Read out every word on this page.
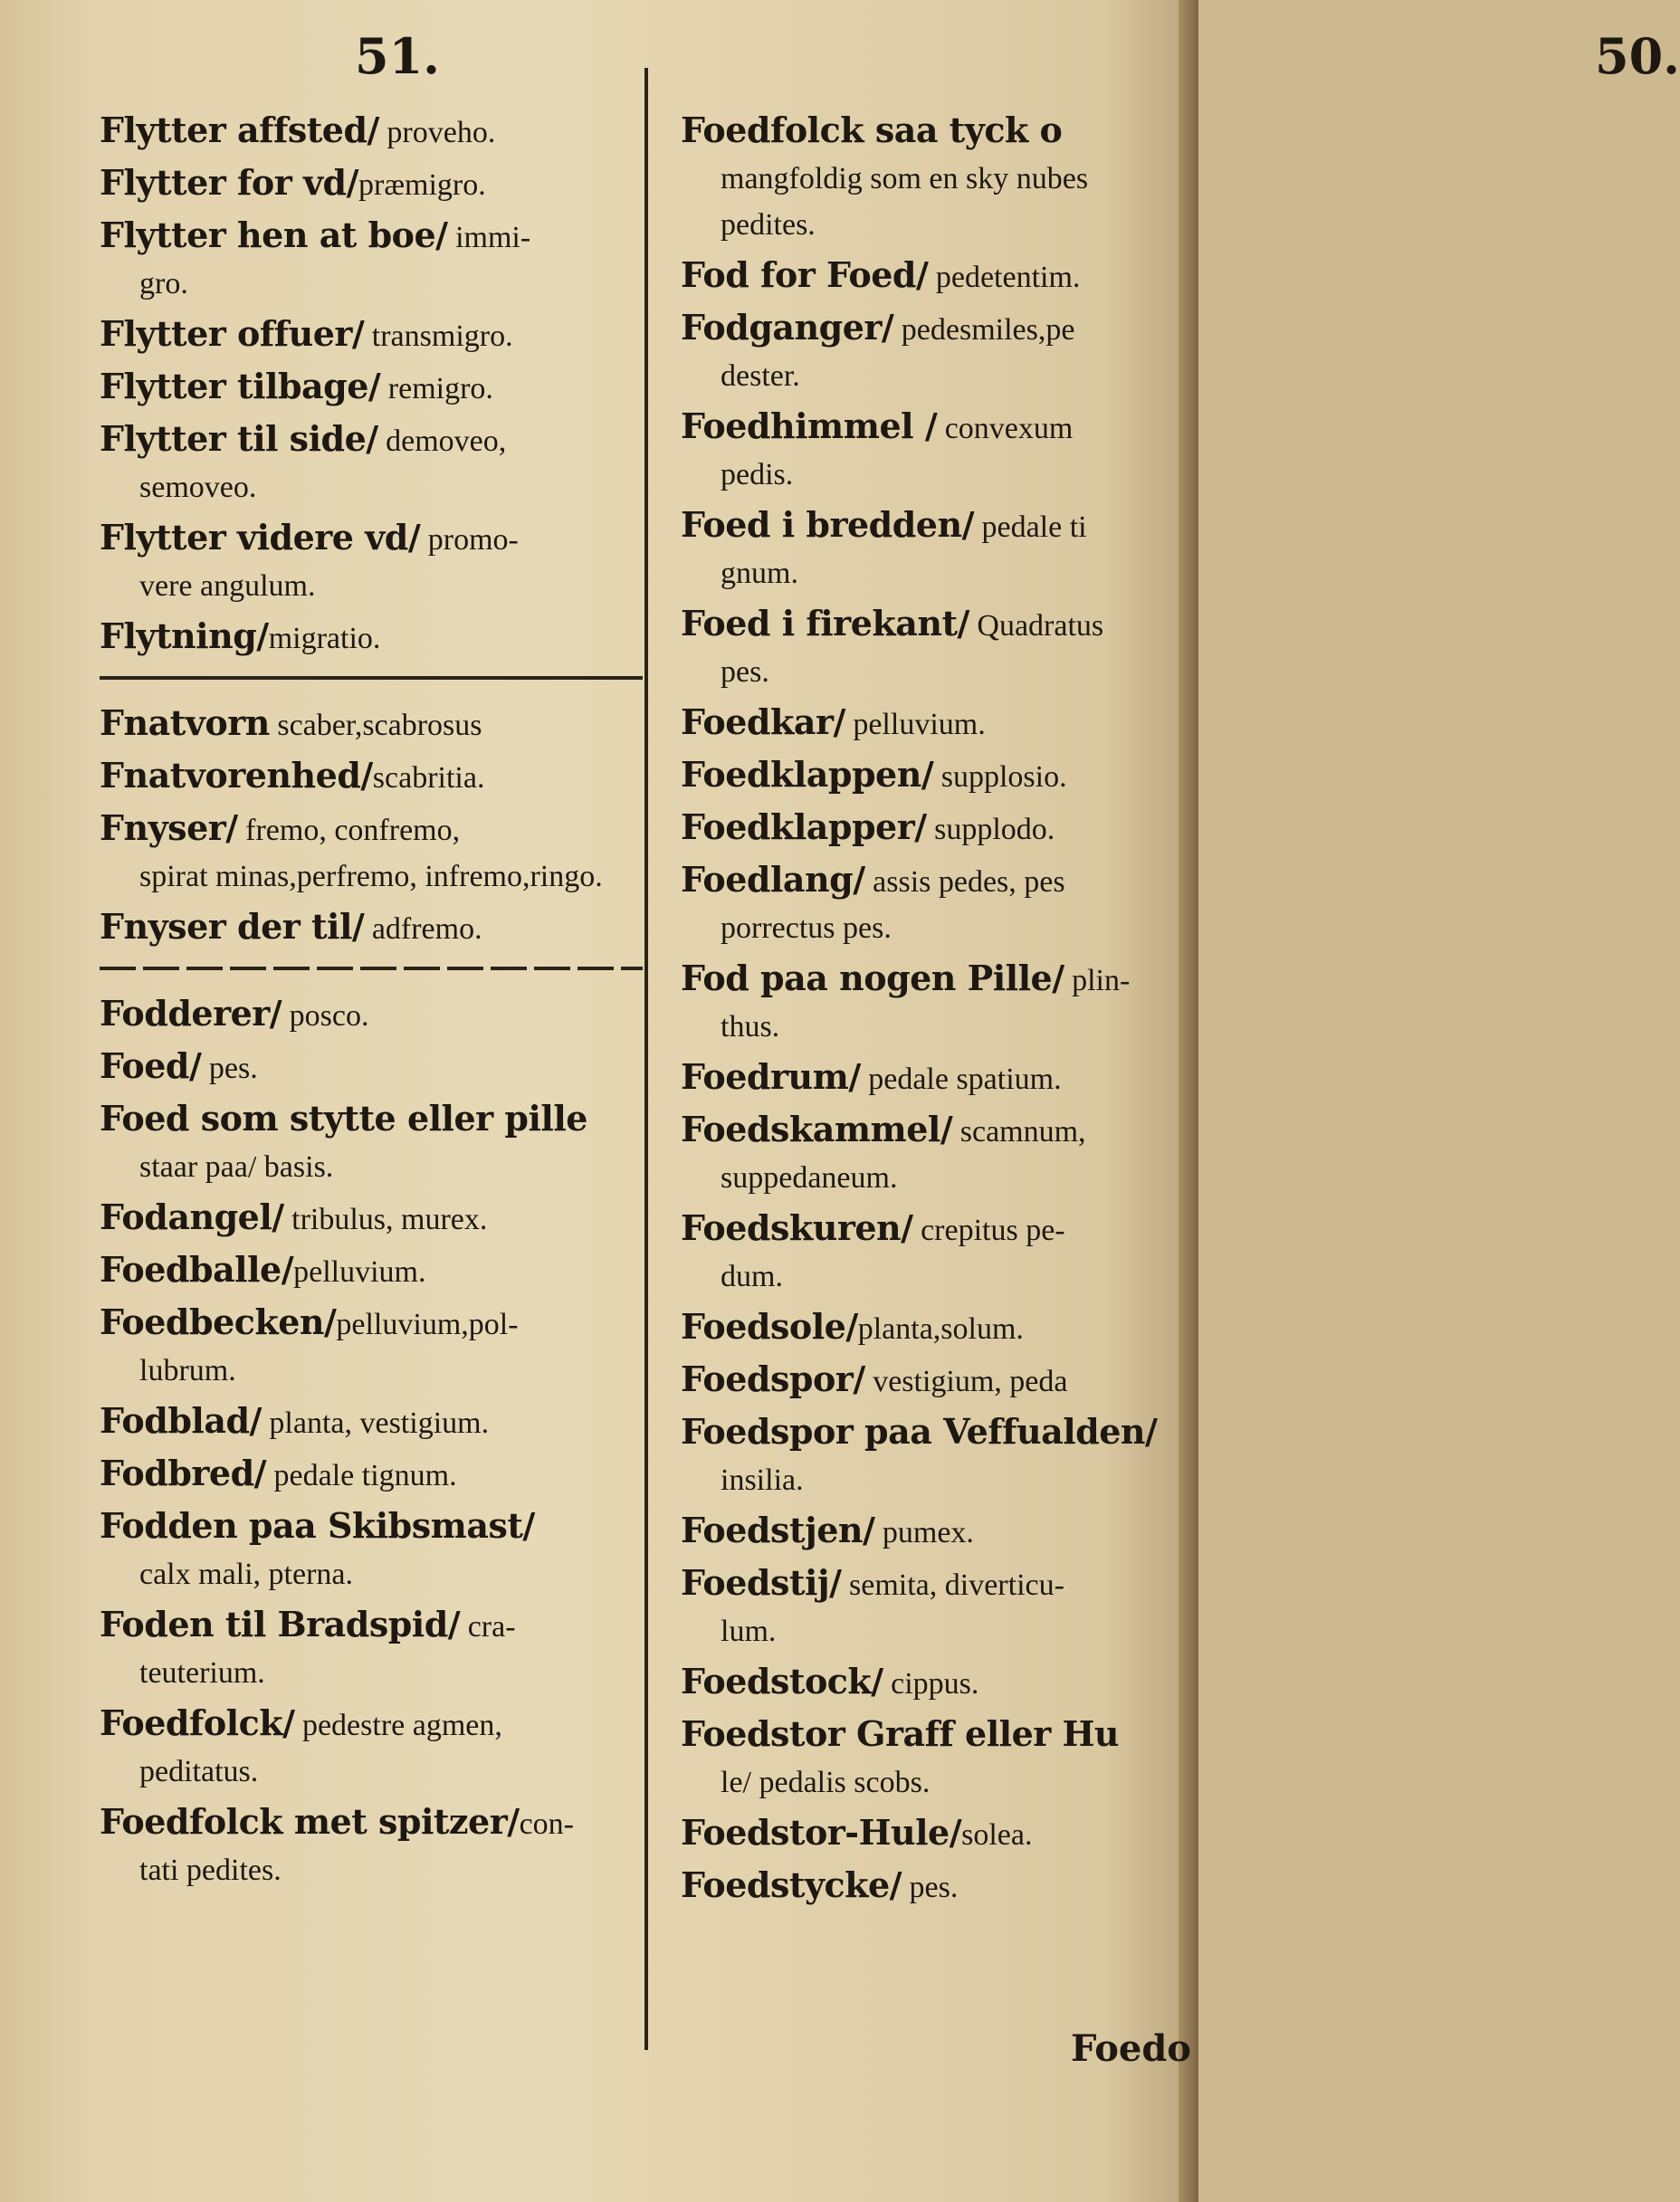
51.
Flytter affsted/ proveho.
Flytter for vd/præmigro.
Flytter hen at boe/ immi-
gro.
Flytter offuer/ transmigro.
Flytter tilbage/ remigro.
Flytter til side/ demoveo,
semoveo.
Flytter videre vd/ promo-
vere angulum.
Flytning/migratio.
Fnatvorn scaber,scabrosus
Fnatvorenhed/scabritia.
Fnyser/ fremo, confremo,
spirat minas,perfremo, infremo,ringo.
Fnyser der til/ adfremo.
Fodderer/ posco.
Foed/ pes.
Foed som stytte eller pille
staar paa/ basis.
Fodangel/ tribulus, murex.
Foedballe/pelluvium.
Foedbecken/pelluvium,pol-
lubrum.
Fodblad/ planta, vestigium.
Fodbred/ pedale tignum.
Fodden paa Skibsmast/
calx mali, pterna.
Foden til Bradspid/ cra-
teuterium.
Foedfolck/ pedestre agmen,
peditatus.
Foedfolck met spitzer/con-
tati pedites.
50.
Foedfolck saa tyck o
mangfoldig som en sky nubes pedites.
Fod for Foed/ pedetentim.
Fodganger/ pedesmiles,pe
dester.
Foedhimmel / convexum
pedis.
Foed i bredden/ pedale ti
gnum.
Foed i firekant/ Quadratus
pes.
Foedkar/ pelluvium.
Foedklappen/ supplosio.
Foedklapper/ supplodo.
Foedlang/ assis pedes, pes
porrectus pes.
Fod paa nogen Pille/ plin-
thus.
Foedrum/ pedale spatium.
Foedskammel/ scamnum,
suppedaneum.
Foedskuren/ crepitus pe-
dum.
Foedsole/planta,solum.
Foedspor/ vestigium, peda
Foedspor paa Veffualden/
insilia.
Foedstjen/ pumex.
Foedstij/ semita, diverticu-
lum.
Foedstock/ cippus.
Foedstor Graff eller Hu
le/ pedalis scobs.
Foedstor-Hule/solea.
Foedstycke/ pes.
Foedo
